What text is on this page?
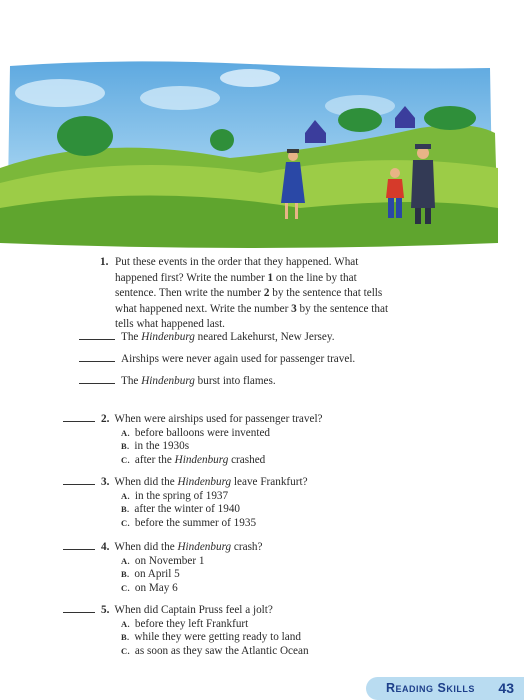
1. Put these events in the order that they happened. What happened first? Write the number 1 on the line by that sentence. Then write the number 2 by the sentence that tells what happened next. Write the number 3 by the sentence that tells what happened last.
The Hindenburg neared Lakehurst, New Jersey.
Airships were never again used for passenger travel.
The Hindenburg burst into flames.
2. When were airships used for passenger travel?
A. before balloons were invented
B. in the 1930s
C. after the Hindenburg crashed
3. When did the Hindenburg leave Frankfurt?
A. in the spring of 1937
B. after the winter of 1940
C. before the summer of 1935
4. When did the Hindenburg crash?
A. on November 1
B. on April 5
C. on May 6
5. When did Captain Pruss feel a jolt?
A. before they left Frankfurt
B. while they were getting ready to land
C. as soon as they saw the Atlantic Ocean
Reading Skills 43
